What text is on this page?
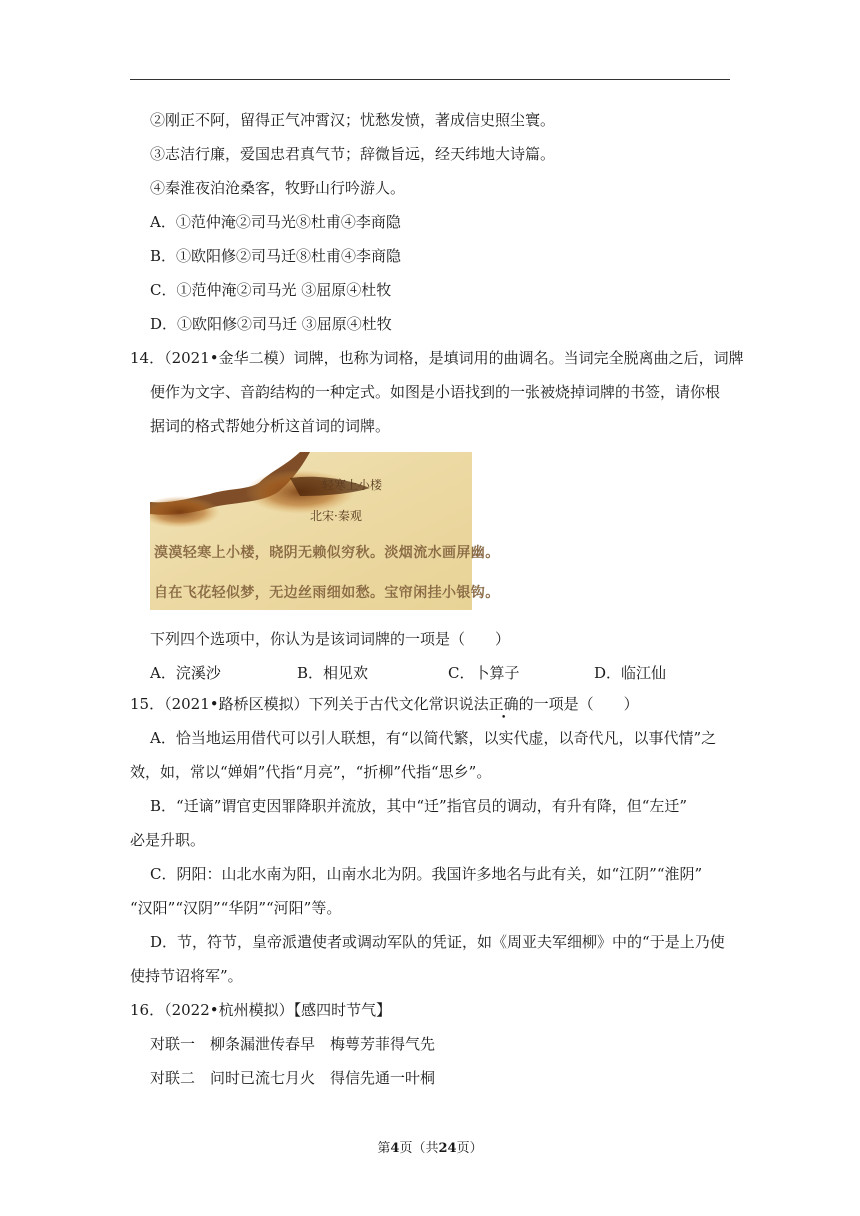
②刚正不阿，留得正气冲霄汉；忧愁发愤，著成信史照尘寰。
③志洁行廉，爱国忠君真气节；辞微旨远，经天纬地大诗篇。
④秦淮夜泊沧桑客，牧野山行吟游人。
A．①范仲淹②司马光⑧杜甫④李商隐
B．①欧阳修②司马迁⑧杜甫④李商隐
C．①范仲淹②司马光 ③屈原④杜牧
D．①欧阳修②司马迁 ③屈原④杜牧
14．（2021•金华二模）词牌，也称为词格，是填词用的曲调名。当词完全脱离曲之后，词牌
便作为文字、音韵结构的一种定式。如图是小语找到的一张被烧掉词牌的书签，请你根
据词的格式帮她分析这首词的词牌。
轻寒上小楼
北宋·秦观
漠漠轻寒上小楼，晓阴无赖似穷秋。淡烟流水画屏幽。
自在飞花轻似梦，无边丝雨细如愁。宝帘闲挂小银钩。
下列四个选项中，你认为是该词词牌的一项是（　　）
A．浣溪沙	B．相见欢	C．卜算子	D．临江仙
15．（2021•路桥区模拟）下列关于古代文化常识说法正确的一项是（　　）
A．恰当地运用借代可以引人联想，有“以简代繁，以实代虚，以奇代凡，以事代情”之
效，如，常以“婵娟”代指“月亮”，“折柳”代指“思乡”。
B．“迁谪”谓官吏因罪降职并流放，其中“迁”指官员的调动，有升有降，但“左迁”
必是升职。
C．阴阳：山北水南为阳，山南水北为阴。我国许多地名与此有关，如“江阴”“淮阴”
“汉阳”“汉阴”“华阴”“河阳”等。
D．节，符节，皇帝派遣使者或调动军队的凭证，如《周亚夫军细柳》中的“于是上乃使
使持节诏将军”。
16．（2022•杭州模拟）【感四时节气】
对联一　柳条漏泄传春早　梅萼芳菲得气先
对联二　问时已流七月火　得信先通一叶桐
第4页（共24页）
